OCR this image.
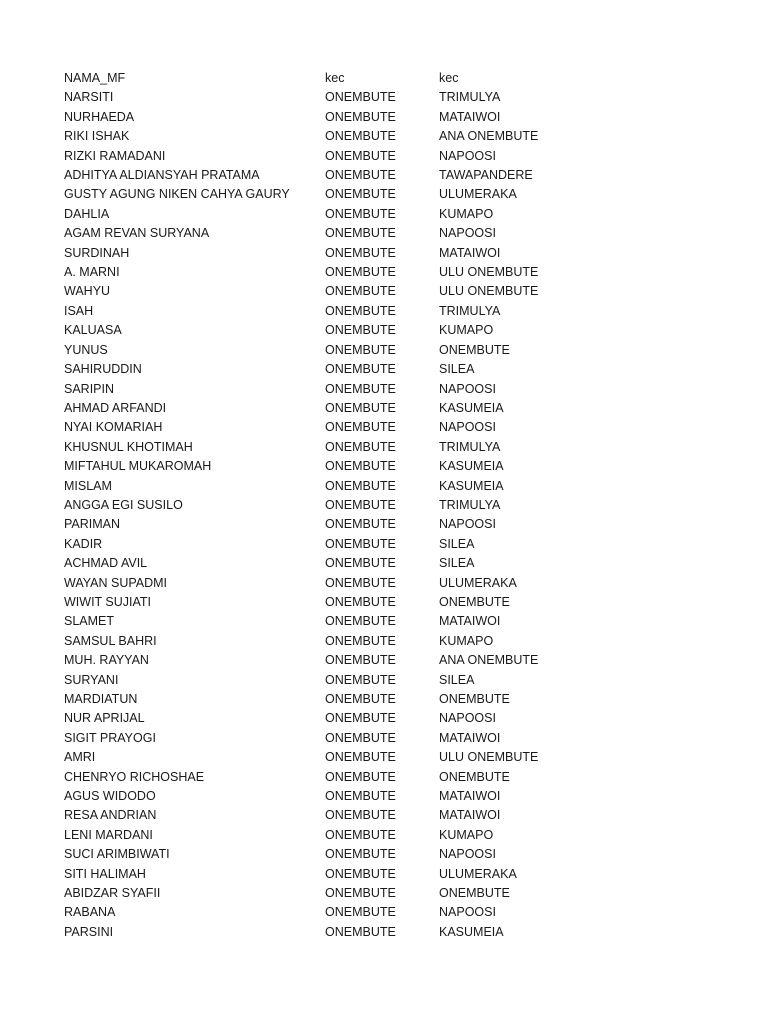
NAMA_MF	kec	kec
NARSITI	ONEMBUTE	TRIMULYA
NURHAEDA	ONEMBUTE	MATAIWOI
RIKI ISHAK	ONEMBUTE	ANA ONEMBUTE
RIZKI RAMADANI	ONEMBUTE	NAPOOSI
ADHITYA ALDIANSYAH PRATAMA	ONEMBUTE	TAWAPANDERE
GUSTY AGUNG NIKEN CAHYA GAURY	ONEMBUTE	ULUMERAKA
DAHLIA	ONEMBUTE	KUMAPO
AGAM REVAN SURYANA	ONEMBUTE	NAPOOSI
SURDINAH	ONEMBUTE	MATAIWOI
A. MARNI	ONEMBUTE	ULU ONEMBUTE
WAHYU	ONEMBUTE	ULU ONEMBUTE
ISAH	ONEMBUTE	TRIMULYA
KALUASA	ONEMBUTE	KUMAPO
YUNUS	ONEMBUTE	ONEMBUTE
SAHIRUDDIN	ONEMBUTE	SILEA
SARIPIN	ONEMBUTE	NAPOOSI
AHMAD ARFANDI	ONEMBUTE	KASUMEIA
NYAI KOMARIAH	ONEMBUTE	NAPOOSI
KHUSNUL KHOTIMAH	ONEMBUTE	TRIMULYA
MIFTAHUL MUKAROMAH	ONEMBUTE	KASUMEIA
MISLAM	ONEMBUTE	KASUMEIA
ANGGA EGI SUSILO	ONEMBUTE	TRIMULYA
PARIMAN	ONEMBUTE	NAPOOSI
KADIR	ONEMBUTE	SILEA
ACHMAD AVIL	ONEMBUTE	SILEA
WAYAN SUPADMI	ONEMBUTE	ULUMERAKA
WIWIT SUJIATI	ONEMBUTE	ONEMBUTE
SLAMET	ONEMBUTE	MATAIWOI
SAMSUL BAHRI	ONEMBUTE	KUMAPO
MUH. RAYYAN	ONEMBUTE	ANA ONEMBUTE
SURYANI	ONEMBUTE	SILEA
MARDIATUN	ONEMBUTE	ONEMBUTE
NUR APRIJAL	ONEMBUTE	NAPOOSI
SIGIT PRAYOGI	ONEMBUTE	MATAIWOI
AMRI	ONEMBUTE	ULU ONEMBUTE
CHENRYO RICHOSHAE	ONEMBUTE	ONEMBUTE
AGUS WIDODO	ONEMBUTE	MATAIWOI
RESA ANDRIAN	ONEMBUTE	MATAIWOI
LENI MARDANI	ONEMBUTE	KUMAPO
SUCI ARIMBIWATI	ONEMBUTE	NAPOOSI
SITI HALIMAH	ONEMBUTE	ULUMERAKA
ABIDZAR SYAFII	ONEMBUTE	ONEMBUTE
RABANA	ONEMBUTE	NAPOOSI
PARSINI	ONEMBUTE	KASUMEIA
